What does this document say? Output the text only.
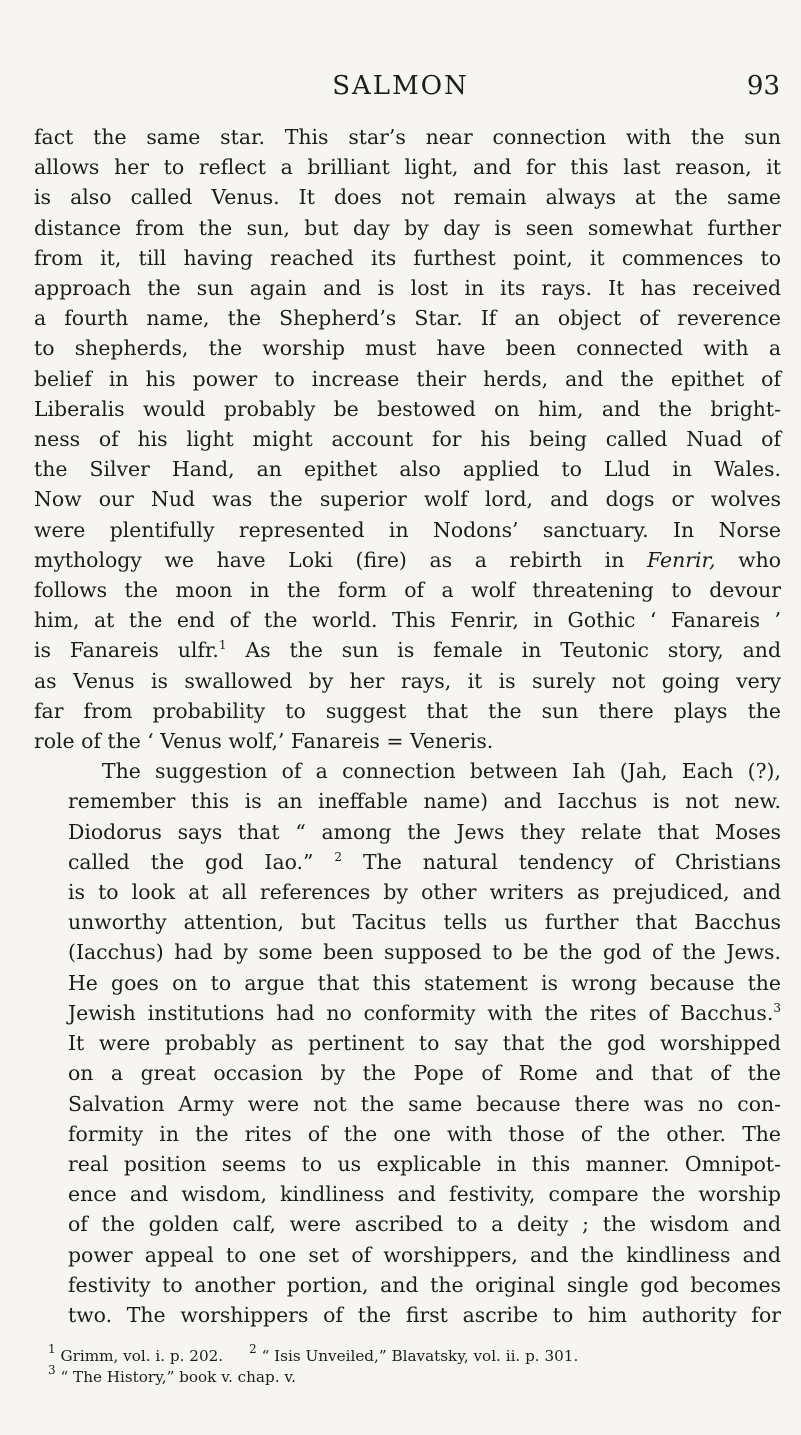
SALMON	93

fact the same star. This star’s near connection with the sun
allows her to reflect a brilliant light, and for this last reason, it
is also called Venus. It does not remain always at the same
distance from the sun, but day by day is seen somewhat further
from it, till having reached its furthest point, it commences to
approach the sun again and is lost in its rays. It has received
a fourth name, the Shepherd’s Star. If an object of reverence
to shepherds, the worship must have been connected with a
belief in his power to increase their herds, and the epithet of
Liberalis would probably be bestowed on him, and the bright-
ness of his light might account for his being called Nuad of
the Silver Hand, an epithet also applied to Llud in Wales.
Now our Nud was the superior wolf lord, and dogs or wolves
were plentifully represented in Nodons’ sanctuary. In Norse
mythology we have Loki (fire) as a rebirth in Fenrir, who
follows the moon in the form of a wolf threatening to devour
him, at the end of the world. This Fenrir, in Gothic ‘ Fanareis ’
is Fanareis ulfr.$^1$ As the sun is female in Teutonic story, and
as Venus is swallowed by her rays, it is surely not going very
far from probability to suggest that the sun there plays the
role of the ‘ Venus wolf,’ Fanareis = Veneris.

The suggestion of a connection between Iah (Jah, Each (?),
remember this is an ineffable name) and Iacchus is not new.
Diodorus says that “ among the Jews they relate that Moses
called the god Iao.” $^2$ The natural tendency of Christians
is to look at all references by other writers as prejudiced, and
unworthy attention, but Tacitus tells us further that Bacchus
(Iacchus) had by some been supposed to be the god of the Jews.
He goes on to argue that this statement is wrong because the
Jewish institutions had no conformity with the rites of Bacchus.$^3$
It were probably as pertinent to say that the god worshipped
on a great occasion by the Pope of Rome and that of the
Salvation Army were not the same because there was no con-
formity in the rites of the one with those of the other. The
real position seems to us explicable in this manner. Omnipot-
ence and wisdom, kindliness and festivity, compare the worship
of the golden calf, were ascribed to a deity ; the wisdom and
power appeal to one set of worshippers, and the kindliness and
festivity to another portion, and the original single god becomes
two. The worshippers of the first ascribe to him authority for

$^1$ Grimm, vol. i. p. 202. $^2$ “ Isis Unveiled,” Blavatsky, vol. ii. p. 301.
$^3$ “ The History,” book v. chap. v.
